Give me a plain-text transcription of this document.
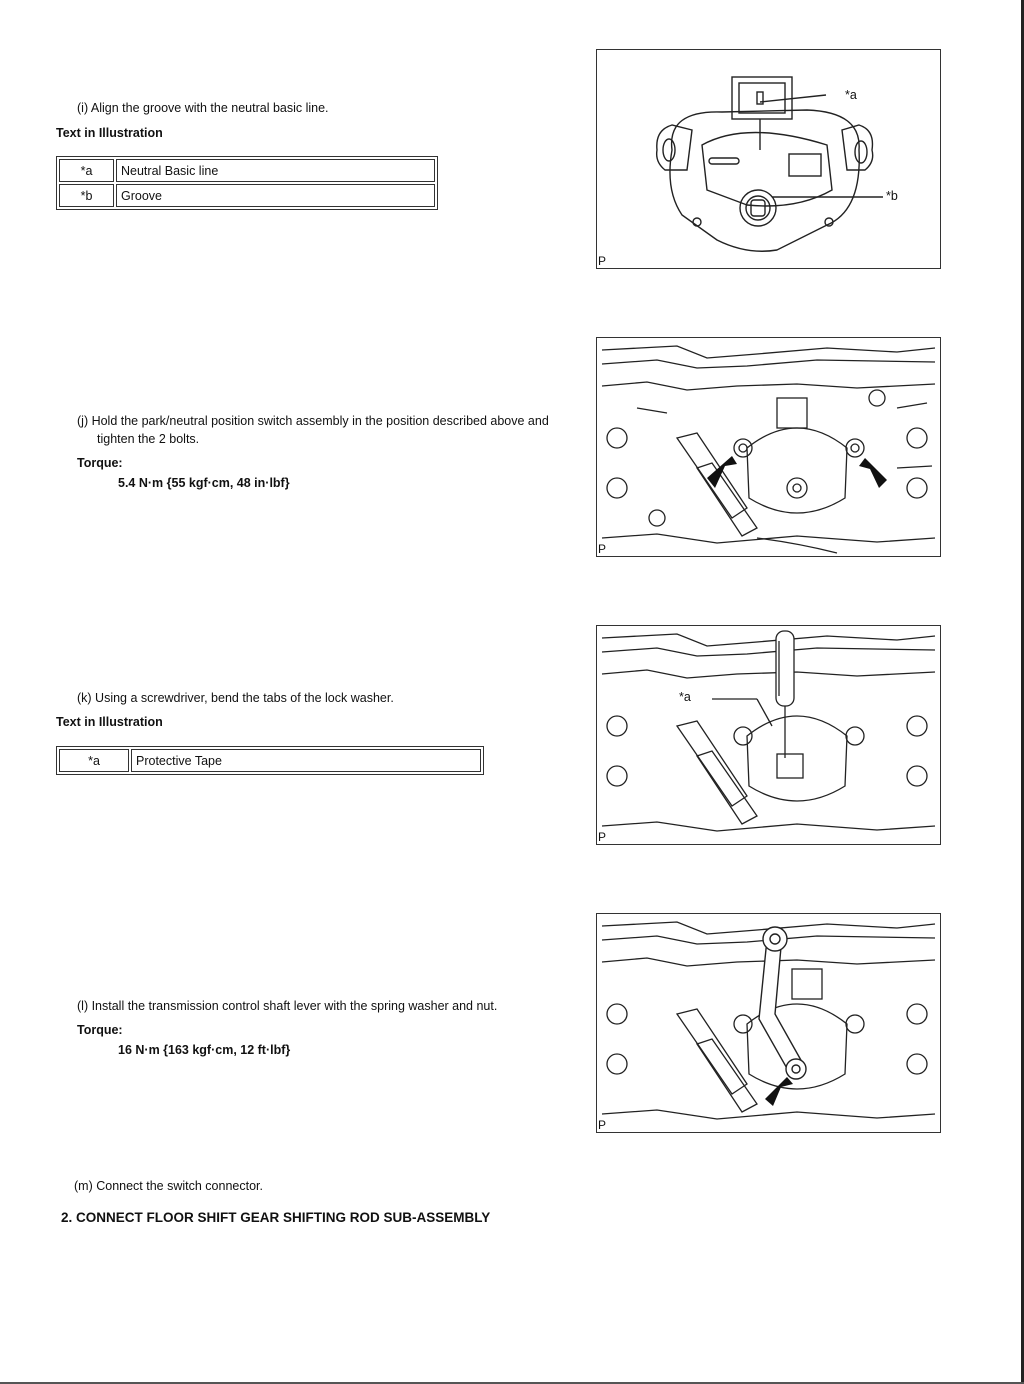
(i) Align the groove with the neutral basic line.
Text in Illustration
*a	Neutral Basic line
*b	Groove
*a
*b
P
(j) Hold the park/neutral position switch assembly in the position described above and
tighten the 2 bolts.
Torque:
5.4 N·m {55 kgf·cm, 48 in·lbf}
P
(k) Using a screwdriver, bend the tabs of the lock washer.
Text in Illustration
*a	Protective Tape
*a
P
(l) Install the transmission control shaft lever with the spring washer and nut.
Torque:
16 N·m {163 kgf·cm, 12 ft·lbf}
P
(m) Connect the switch connector.
2. CONNECT FLOOR SHIFT GEAR SHIFTING ROD SUB-ASSEMBLY
